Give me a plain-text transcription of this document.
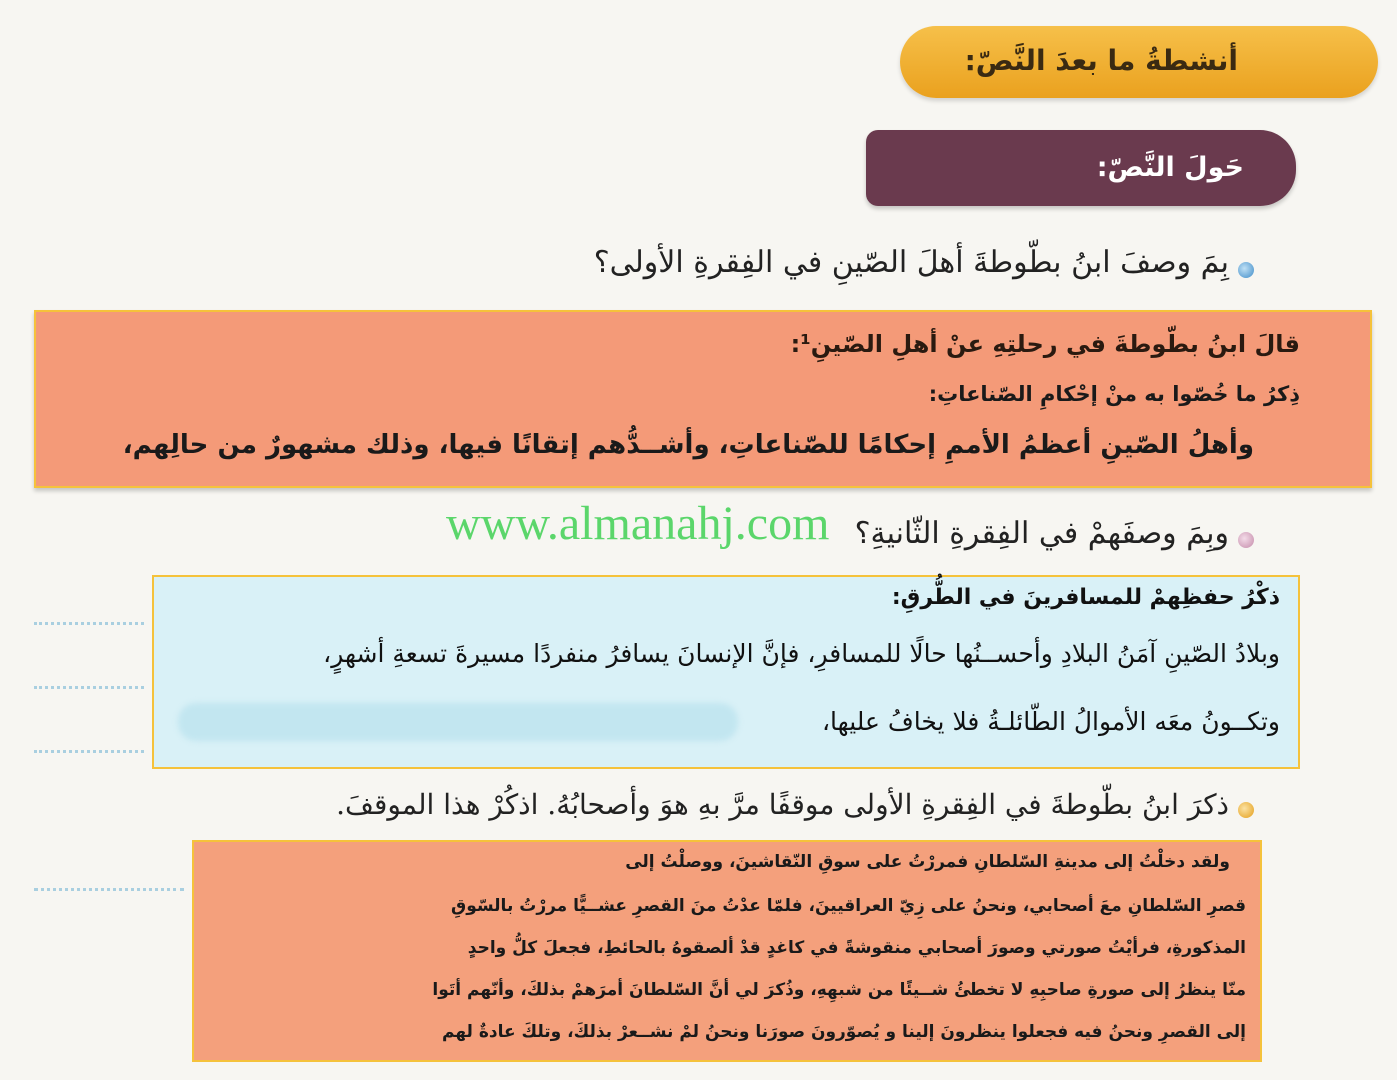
أنشطةُ ما بعدَ النَّصّ:
حَولَ النَّصّ:
بِمَ وصفَ ابنُ بطّوطةَ أهلَ الصّينِ في الفِقرةِ الأولى؟

قالَ ابنُ بطّوطةَ في رحلتِهِ عنْ أهلِ الصّينِ¹:

ذِكرُ ما خُصّوا به منْ إحْكامِ الصّناعاتِ:

وأهلُ الصّينِ أعظمُ الأممِ إحكامًا للصّناعاتِ، وأشــدُّهم إتقانًا فيها، وذلك مشهورٌ من حالِهم،

وبِمَ وصفَهمْ في الفِقرةِ الثّانيةِ؟
www.almanahj.com

ذكْرُ حفظِهمْ للمسافرينَ في الطُّرقِ:

وبلادُ الصّينِ آمَنُ البلادِ وأحســنُها حالًا للمسافرِ، فإنَّ الإنسانَ يسافرُ منفردًا مسيرةَ تسعةِ أشهرٍ،

وتكــونُ معَه الأموالُ الطّائلـةُ فلا يخافُ عليها،

ذكرَ ابنُ بطّوطةَ في الفِقرةِ الأولى موقفًا مرَّ بهِ هوَ وأصحابُهُ. اذكُرْ هذا الموقفَ.

ولقد دخلْتُ إلى مدينةِ السّلطانِ فمررْتُ على سوقِ النّقاشينَ، ووصلْتُ إلى

قصرِ السّلطانِ معَ أصحابي، ونحنُ على زِيّ العراقيينَ، فلمّا عدْتُ منَ القصرِ عشــيًّا مررْتُ بالسّوقِ

المذكورةِ، فرأيْتُ صورتي وصورَ أصحابي منقوشةً في كاغدٍ قدْ ألصقوهُ بالحائطِ، فجعلَ كلُّ واحدٍ

منّا ينظرُ إلى صورةِ صاحبِهِ لا تخطئُ شــيئًا من شبهِهِ، وذُكرَ لي أنَّ السّلطانَ أمرَهمْ بذلكَ، وأنّهم أتَوا

إلى القصرِ ونحنُ فيه فجعلوا ينظرونَ إلينا و يُصوّرونَ صورَنا ونحنُ لمْ نشــعرْ بذلكَ، وتلكَ عادةٌ لهم
